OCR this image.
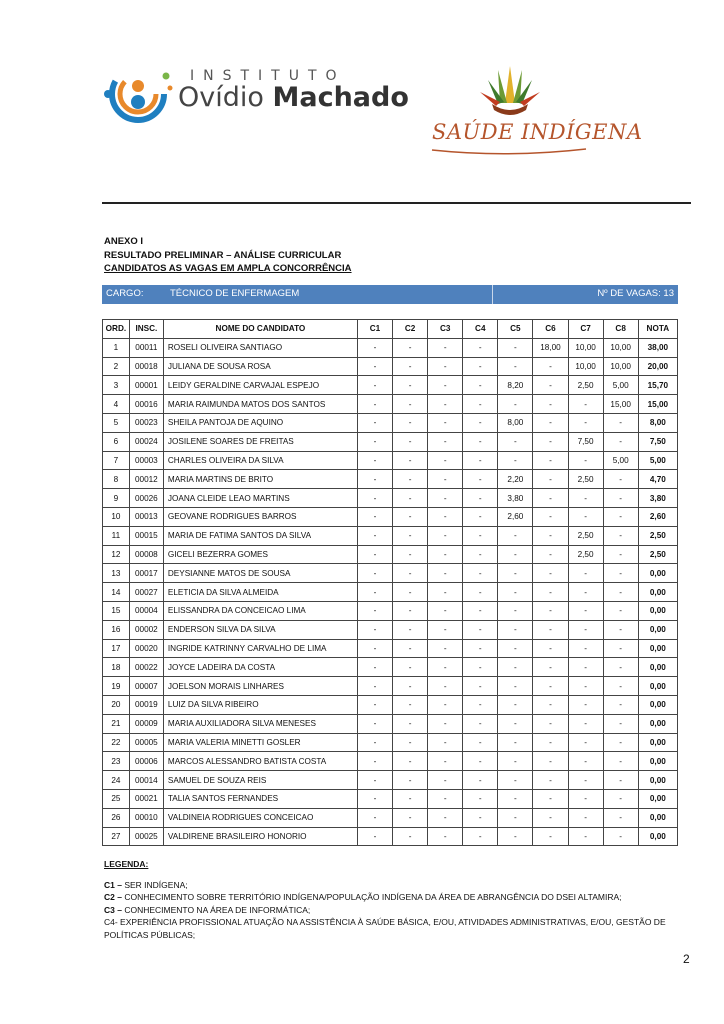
INSTITUTO
Ovídio Machado
SAÚDE INDÍGENA
ANEXO I
RESULTADO PRELIMINAR – ANÁLISE CURRICULAR
CANDIDATOS AS VAGAS EM AMPLA CONCORRÊNCIA
CARGO:	TÉCNICO DE ENFERMAGEM	Nº DE VAGAS: 13
ORD.	INSC.	NOME DO CANDIDATO	C1	C2	C3	C4	C5	C6	C7	C8	NOTA
1	00011	ROSELI OLIVEIRA SANTIAGO	-	-	-	-	-	18,00	10,00	10,00	38,00
2	00018	JULIANA DE SOUSA ROSA	-	-	-	-	-	-	10,00	10,00	20,00
3	00001	LEIDY GERALDINE CARVAJAL ESPEJO	-	-	-	-	8,20	-	2,50	5,00	15,70
4	00016	MARIA RAIMUNDA MATOS DOS SANTOS	-	-	-	-	-	-	-	15,00	15,00
5	00023	SHEILA PANTOJA DE AQUINO	-	-	-	-	8,00	-	-	-	8,00
6	00024	JOSILENE SOARES DE FREITAS	-	-	-	-	-	-	7,50	-	7,50
7	00003	CHARLES OLIVEIRA DA SILVA	-	-	-	-	-	-	-	5,00	5,00
8	00012	MARIA MARTINS DE BRITO	-	-	-	-	2,20	-	2,50	-	4,70
9	00026	JOANA CLEIDE LEAO MARTINS	-	-	-	-	3,80	-	-	-	3,80
10	00013	GEOVANE RODRIGUES BARROS	-	-	-	-	2,60	-	-	-	2,60
11	00015	MARIA DE FATIMA SANTOS DA SILVA	-	-	-	-	-	-	2,50	-	2,50
12	00008	GICELI BEZERRA GOMES	-	-	-	-	-	-	2,50	-	2,50
13	00017	DEYSIANNE MATOS DE SOUSA	-	-	-	-	-	-	-	-	0,00
14	00027	ELETICIA DA SILVA ALMEIDA	-	-	-	-	-	-	-	-	0,00
15	00004	ELISSANDRA DA CONCEICAO LIMA	-	-	-	-	-	-	-	-	0,00
16	00002	ENDERSON SILVA DA SILVA	-	-	-	-	-	-	-	-	0,00
17	00020	INGRIDE KATRINNY CARVALHO DE LIMA	-	-	-	-	-	-	-	-	0,00
18	00022	JOYCE LADEIRA DA COSTA	-	-	-	-	-	-	-	-	0,00
19	00007	JOELSON MORAIS LINHARES	-	-	-	-	-	-	-	-	0,00
20	00019	LUIZ DA SILVA RIBEIRO	-	-	-	-	-	-	-	-	0,00
21	00009	MARIA AUXILIADORA SILVA MENESES	-	-	-	-	-	-	-	-	0,00
22	00005	MARIA VALERIA MINETTI GOSLER	-	-	-	-	-	-	-	-	0,00
23	00006	MARCOS ALESSANDRO BATISTA COSTA	-	-	-	-	-	-	-	-	0,00
24	00014	SAMUEL DE SOUZA REIS	-	-	-	-	-	-	-	-	0,00
25	00021	TALIA SANTOS FERNANDES	-	-	-	-	-	-	-	-	0,00
26	00010	VALDINEIA RODRIGUES CONCEICAO	-	-	-	-	-	-	-	-	0,00
27	00025	VALDIRENE BRASILEIRO HONORIO	-	-	-	-	-	-	-	-	0,00
LEGENDA:
C1 – SER INDÍGENA;
C2 – CONHECIMENTO SOBRE TERRITÓRIO INDÍGENA/POPULAÇÃO INDÍGENA DA ÁREA DE ABRANGÊNCIA DO DSEI ALTAMIRA;
C3 – CONHECIMENTO NA ÁREA DE INFORMÁTICA;
C4- EXPERIÊNCIA PROFISSIONAL ATUAÇÃO NA ASSISTÊNCIA À SAÚDE BÁSICA, E/OU, ATIVIDADES ADMINISTRATIVAS, E/OU, GESTÃO DE POLÍTICAS PÚBLICAS;
2
